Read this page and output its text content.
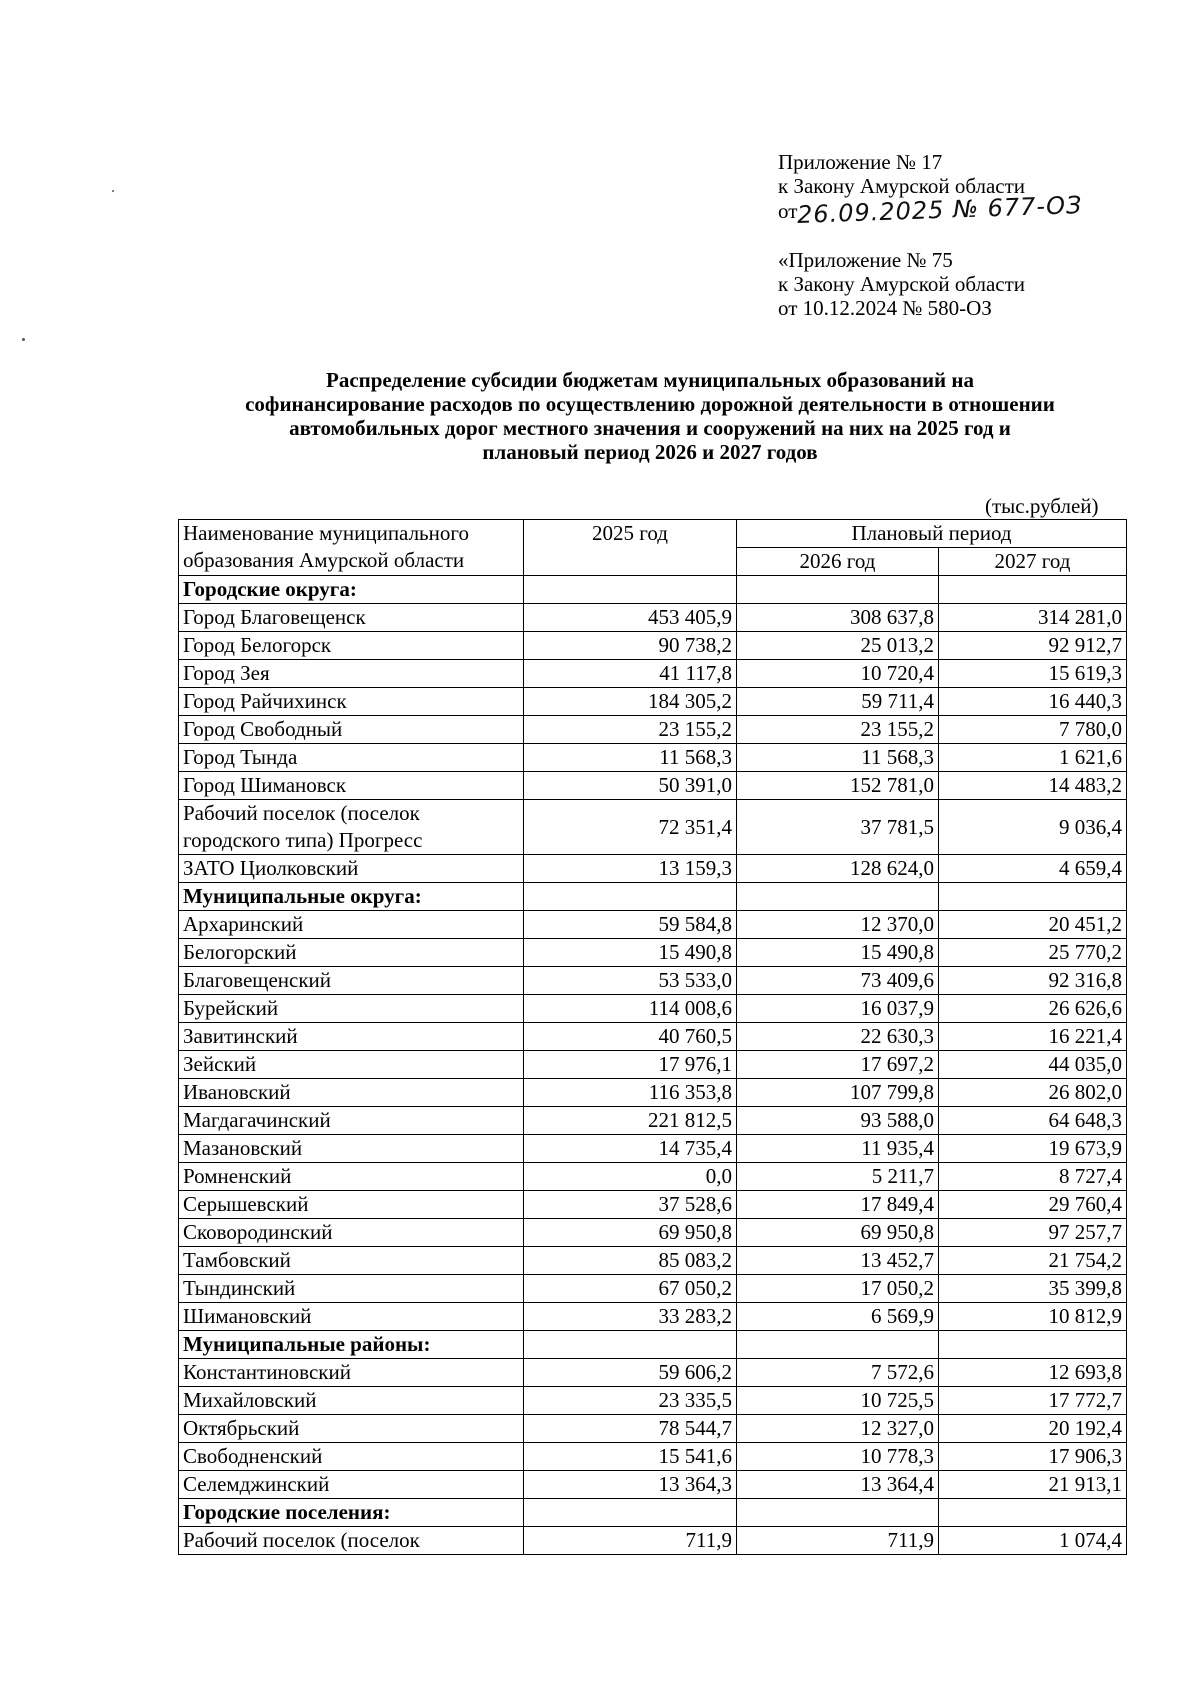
Приложение № 17
к Закону Амурской области
от26.09.2025 № 677-ОЗ
«Приложение № 75
к Закону Амурской области
от 10.12.2024 № 580-ОЗ
Распределение субсидии бюджетам муниципальных образований на
софинансирование расходов по осуществлению дорожной деятельности в отношении
автомобильных дорог местного значения и сооружений на них на 2025 год и
плановый период 2026 и 2027 годов
(тыс.рублей)
Наименование муниципального
образования Амурской области	2025 год	Плановый период	
		2026 год	2027 год
Городские округа:			
Город Благовещенск	453 405,9	308 637,8	314 281,0
Город Белогорск	90 738,2	25 013,2	92 912,7
Город Зея	41 117,8	10 720,4	15 619,3
Город Райчихинск	184 305,2	59 711,4	16 440,3
Город Свободный	23 155,2	23 155,2	7 780,0
Город Тында	11 568,3	11 568,3	1 621,6
Город Шимановск	50 391,0	152 781,0	14 483,2

Рабочий поселок (поселок
городского типа) Прогресс	72 351,4	37 781,5	9 036,4
ЗАТО Циолковский	13 159,3	128 624,0	4 659,4
Муниципальные округа:			
Архаринский	59 584,8	12 370,0	20 451,2
Белогорский	15 490,8	15 490,8	25 770,2
Благовещенский	53 533,0	73 409,6	92 316,8
Бурейский	114 008,6	16 037,9	26 626,6
Завитинский	40 760,5	22 630,3	16 221,4
Зейский	17 976,1	17 697,2	44 035,0
Ивановский	116 353,8	107 799,8	26 802,0
Магдагачинский	221 812,5	93 588,0	64 648,3
Мазановский	14 735,4	11 935,4	19 673,9
Ромненский	0,0	5 211,7	8 727,4
Серышевский	37 528,6	17 849,4	29 760,4
Сковородинский	69 950,8	69 950,8	97 257,7
Тамбовский	85 083,2	13 452,7	21 754,2
Тындинский	67 050,2	17 050,2	35 399,8
Шимановский	33 283,2	6 569,9	10 812,9
Муниципальные районы:			
Константиновский	59 606,2	7 572,6	12 693,8
Михайловский	23 335,5	10 725,5	17 772,7
Октябрьский	78 544,7	12 327,0	20 192,4
Свободненский	15 541,6	10 778,3	17 906,3
Селемджинский	13 364,3	13 364,4	21 913,1
Городские поселения:			
Рабочий поселок (поселок	711,9	711,9	1 074,4
